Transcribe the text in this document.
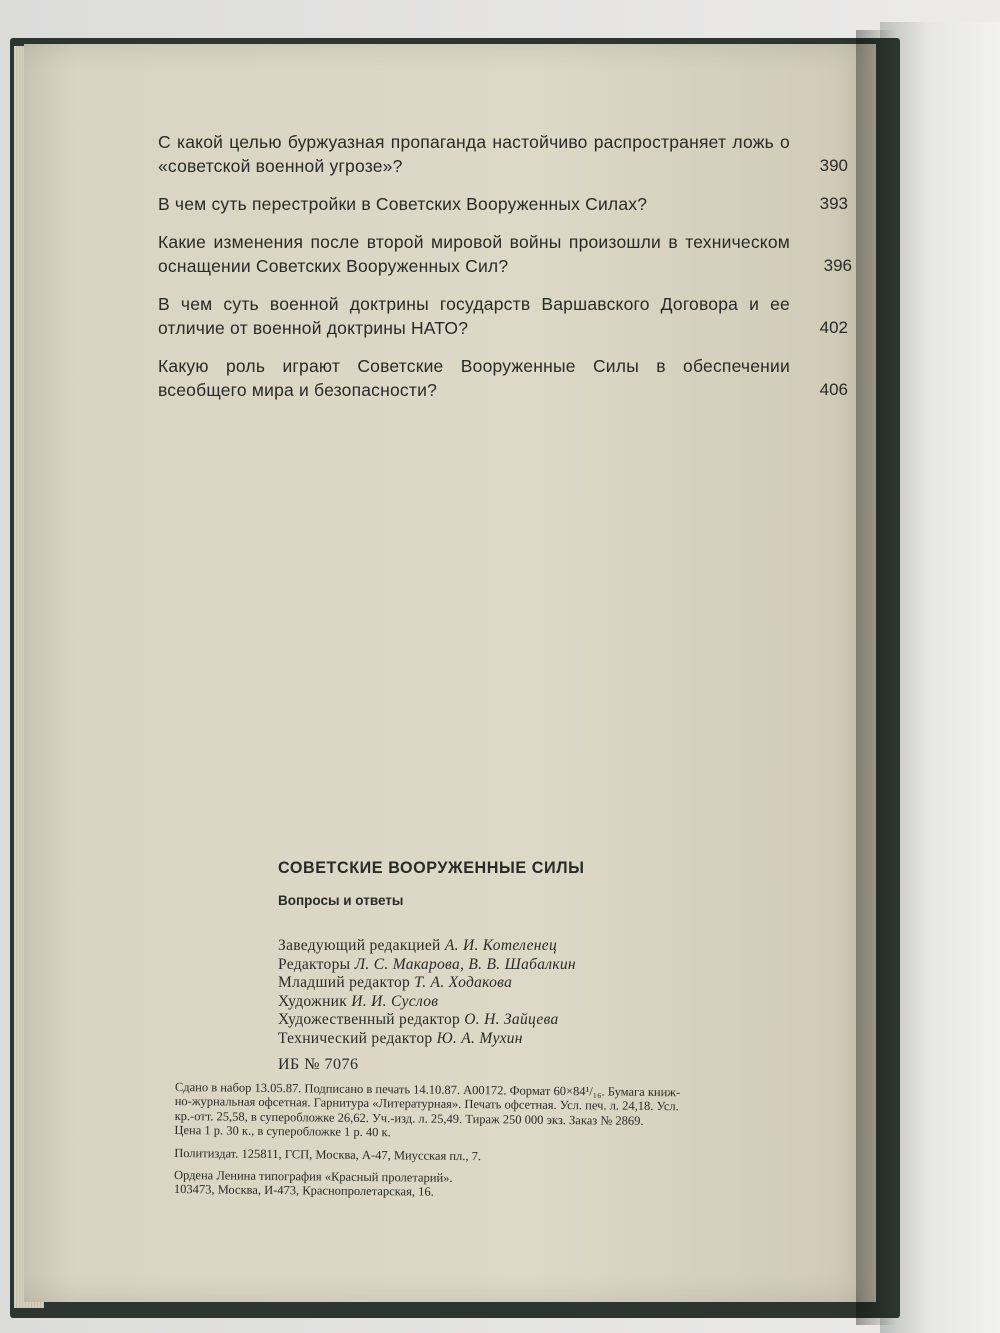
С какой целью буржуазная пропаганда настойчиво распространяет ложь о «советской военной угрозе»?	390
В чем суть перестройки в Советских Вооруженных Силах?	393
Какие изменения после второй мировой войны произошли в техническом оснащении Советских Вооруженных Сил?	396
В чем суть военной доктрины государств Варшавского Договора и ее отличие от военной доктрины НАТО?	402
Какую роль играют Советские Вооруженные Силы в обеспечении всеобщего мира и безопасности?	406
СОВЕТСКИЕ ВООРУЖЕННЫЕ СИЛЫ
Вопросы и ответы
Заведующий редакцией А. И. Котеленец
Редакторы Л. С. Макарова, В. В. Шабалкин
Младший редактор Т. А. Ходакова
Художник И. И. Суслов
Художественный редактор О. Н. Зайцева
Технический редактор Ю. А. Мухин
ИБ № 7076
Сдано в набор 13.05.87. Подписано в печать 14.10.87. А00172. Формат 60×84¹/₁₆. Бумага книж-
но-журнальная офсетная. Гарнитура «Литературная». Печать офсетная. Усл. печ. л. 24,18. Усл.
кр.-отт. 25,58, в суперобложке 26,62. Уч.-изд. л. 25,49. Тираж 250 000 экз. Заказ № 2869.
Цена 1 р. 30 к., в суперобложке 1 р. 40 к.
Политиздат. 125811, ГСП, Москва, А-47, Миусская пл., 7.
Ордена Ленина типография «Красный пролетарий».
103473, Москва, И-473, Краснопролетарская, 16.
